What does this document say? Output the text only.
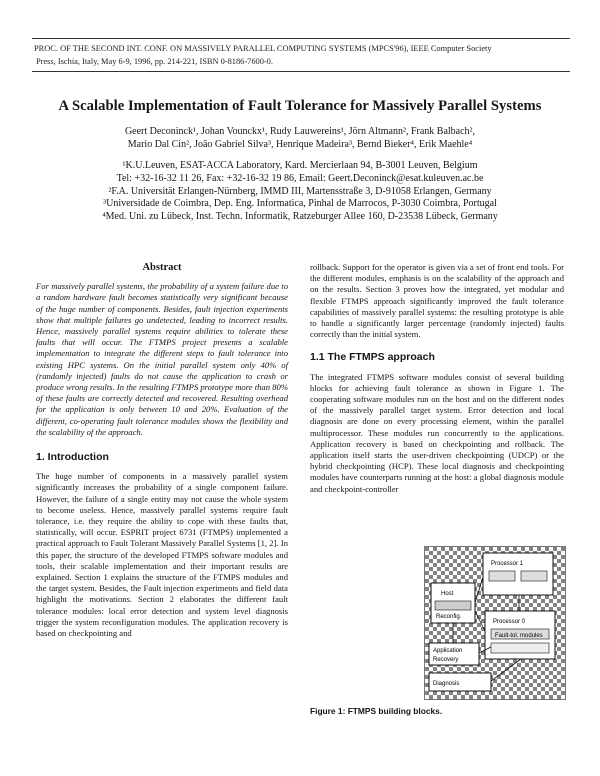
PROC. OF THE SECOND INT. CONF. ON MASSIVELY PARALLEL COMPUTING SYSTEMS (MPCS'96), IEEE Computer Society
Press, Ischia, Italy, May 6-9, 1996, pp. 214-221, ISBN 0-8186-7600-0.
A Scalable Implementation of Fault Tolerance for Massively Parallel Systems
Geert Deconinck¹, Johan Vounckx¹, Rudy Lauwereins¹, Jörn Altmann², Frank Balbach²,
Mario Dal Cin², João Gabriel Silva³, Henrique Madeira³, Bernd Bieker⁴, Erik Maehle⁴
¹K.U.Leuven, ESAT-ACCA Laboratory, Kard. Mercierlaan 94, B-3001 Leuven, Belgium
Tel: +32-16-32 11 26, Fax: +32-16-32 19 86, Email: Geert.Deconinck@esat.kuleuven.ac.be
²F.A. Universität Erlangen-Nürnberg, IMMD III, Martensstraße 3, D-91058 Erlangen, Germany
³Universidade de Coimbra, Dep. Eng. Informatica, Pinhal de Marrocos, P-3030 Coimbra, Portugal
⁴Med. Uni. zu Lübeck, Inst. Techn. Informatik, Ratzeburger Allee 160, D-23538 Lübeck, Germany
Abstract

For massively parallel systems, the probability of a system failure due to a random hardware fault becomes statistically very significant because of the huge number of components. Besides, fault injection experiments show that multiple failures go undetected, leading to incorrect results. Hence, massively parallel systems require abilities to tolerate these faults that will occur. The FTMPS project presents a scalable implementation to integrate the different steps to fault tolerance into existing HPC systems. On the initial parallel system only 40% of (randomly injected) faults do not cause the application to crash or produce wrong results. In the resulting FTMPS prototype more than 80% of these faults are correctly detected and recovered. Resulting overhead for the application is only between 10 and 20%. Evaluation of the different, co-operating fault tolerance modules shows the flexibility and the scalability of the approach.

1. Introduction

The huge number of components in a massively parallel system significantly increases the probability of a single component failure. However, the failure of a single entity may not cause the whole system to become useless. Hence, massively parallel systems require fault tolerance, i.e. they require the ability to cope with these faults that, statistically, will occur. ESPRIT project 6731 (FTMPS) implemented a practical approach to Fault Tolerant Massively Parallel Systems [1, 2]. In this paper, the structure of the developed FTMPS software modules and tools, their scalable implementation and their important results are explained. Section 1 explains the structure of the FTMPS modules and the target system. Besides, the Fault injection experiments and field data highlight the motivations. Section 2 elaborates the different fault tolerance modules: local error detection and system level diagnosis trigger the system reconfiguration modules. The application recovery is based on checkpointing and

rollback. Support for the operator is given via a set of front end tools. For the different modules, emphasis is on the scalability of the approach and on the results. Section 3 proves how the integrated, yet modular and flexible FTMPS approach significantly improved the fault tolerance capabilities of massively parallel systems: the resulting prototype is able to handle a significantly larger percentage (randomly injected) faults correctly than the initial system.

1.1 The FTMPS approach

The integrated FTMPS software modules consist of several building blocks for achieving fault tolerance as shown in Figure 1. The cooperating software modules run on the host and on the different nodes of the massively parallel target system. Error detection and local diagnosis are done on every processing element, within the parallel multiprocessor. These modules run concurrently to the applications. Application recovery is based on checkpointing and rollback. The application itself starts the user-driven checkpointing (UDCP) or the hybrid checkpointing (HCP). These local diagnosis and checkpointing modules have counterparts running at the host: a global diagnosis module and checkpoint-controller

Processor 1
Host
Reconfig.
Processor 0
Fault-tol. modules
Application
Recovery
Diagnosis
Figure 1: FTMPS building blocks.
